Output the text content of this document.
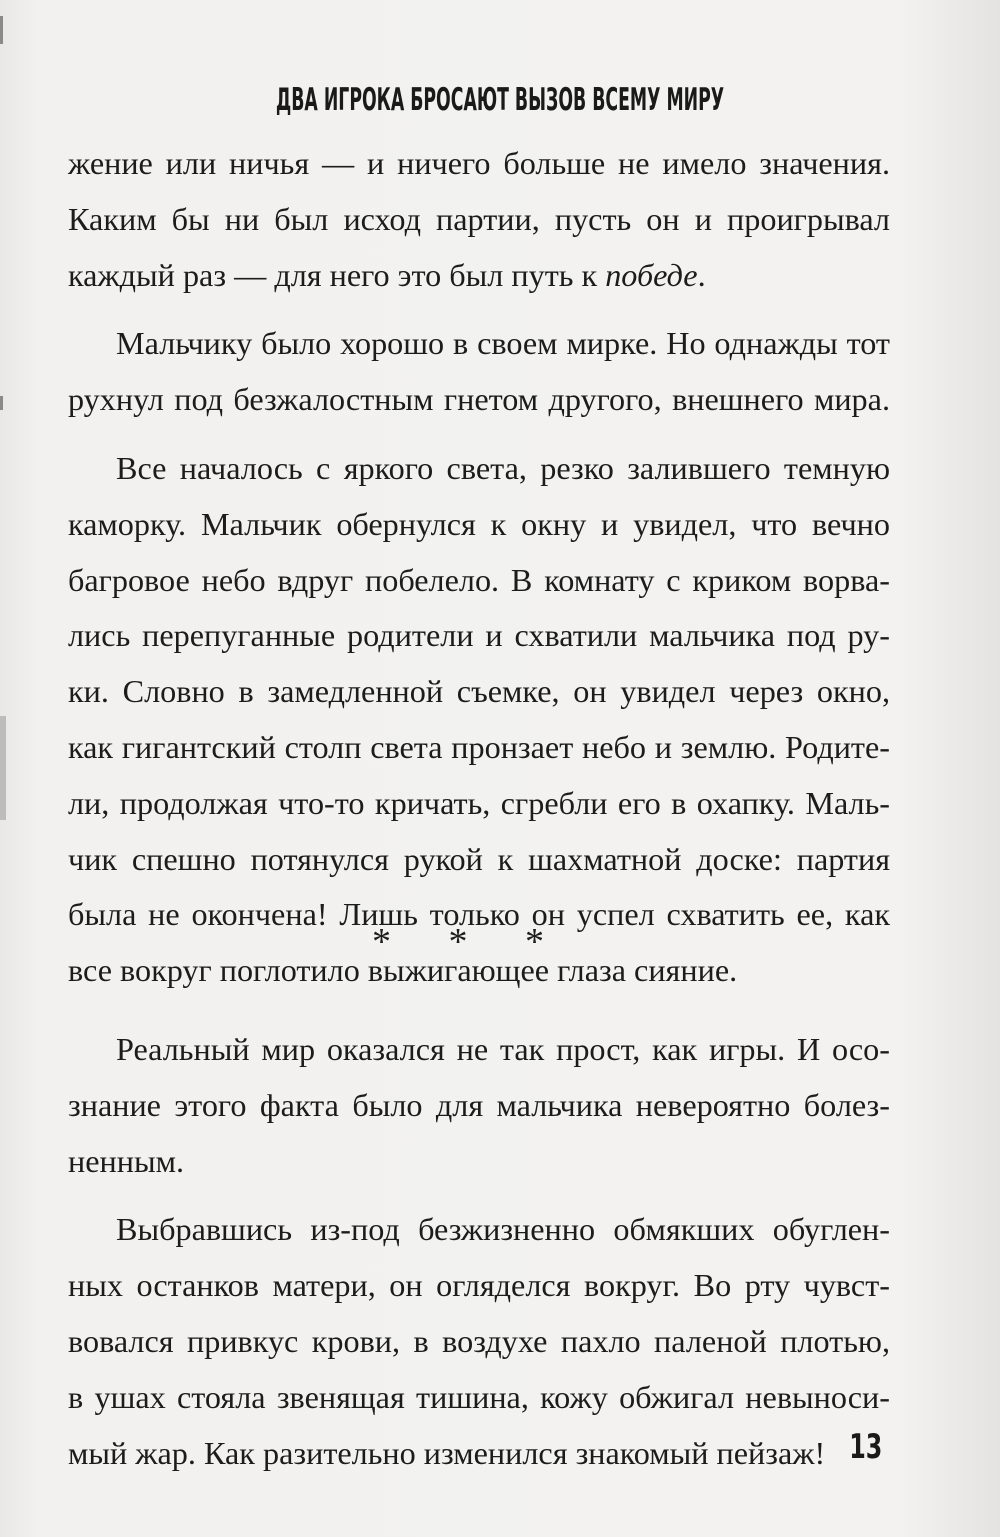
ДВА ИГРОКА БРОСАЮТ ВЫЗОВ ВСЕМУ МИРУ
жение или ничья — и ничего больше не имело значения.
Каким бы ни был исход партии, пусть он и проигрывал
каждый раз — для него это был путь к победе.
Мальчику было хорошо в своем мирке. Но однажды тот
рухнул под безжалостным гнетом другого, внешнего мира.
Все началось с яркого света, резко залившего темную
каморку. Мальчик обернулся к окну и увидел, что вечно
багровое небо вдруг побелело. В комнату с криком ворва-
лись перепуганные родители и схватили мальчика под ру-
ки. Словно в замедленной съемке, он увидел через окно,
как гигантский столп света пронзает небо и землю. Родите-
ли, продолжая что-то кричать, сгребли его в охапку. Маль-
чик спешно потянулся рукой к шахматной доске: партия
была не окончена! Лишь только он успел схватить ее, как
все вокруг поглотило выжигающее глаза сияние.
* * *
Реальный мир оказался не так прост, как игры. И осо-
знание этого факта было для мальчика невероятно болез-
ненным.
Выбравшись из-под безжизненно обмякших обуглен-
ных останков матери, он огляделся вокруг. Во рту чувст-
вовался привкус крови, в воздухе пахло паленой плотью,
в ушах стояла звенящая тишина, кожу обжигал невыноси-
мый жар. Как разительно изменился знакомый пейзаж! 13
